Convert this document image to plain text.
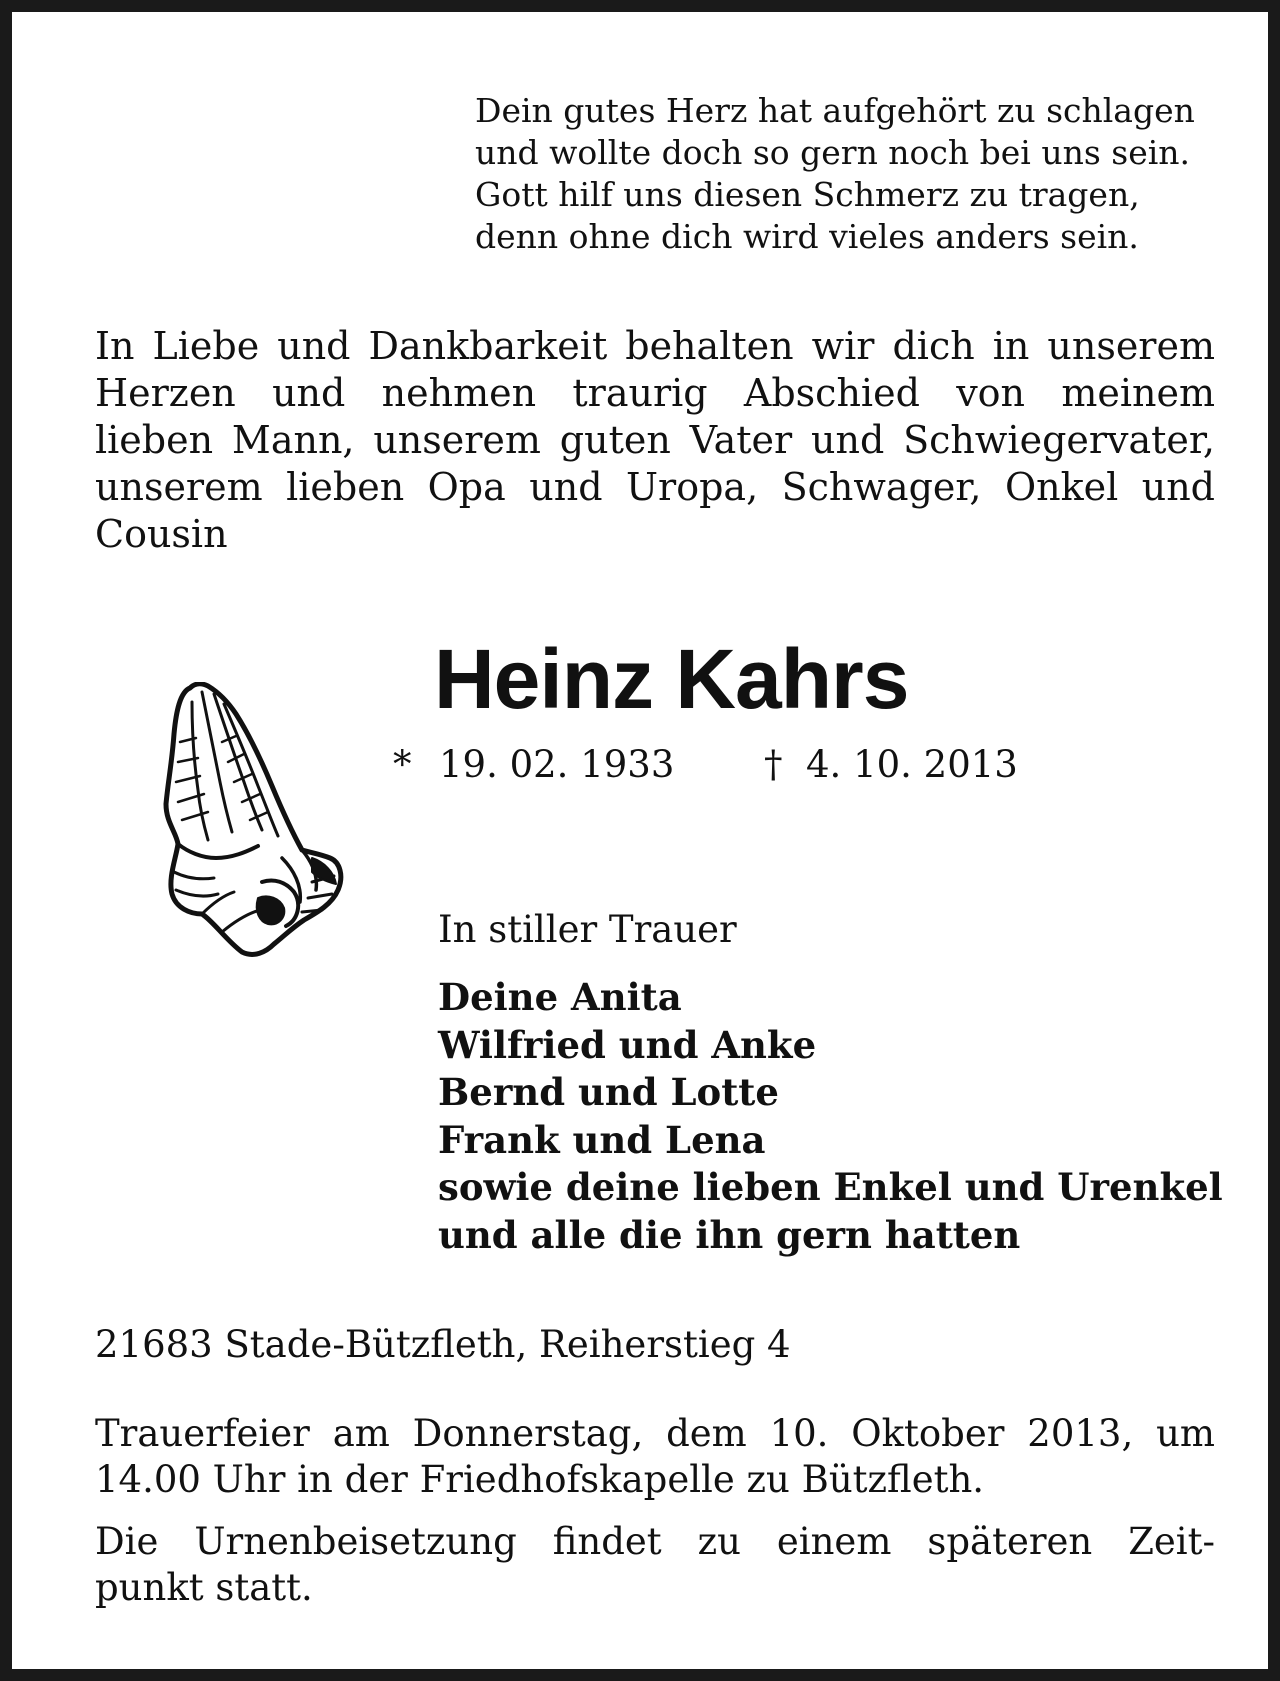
Dein gutes Herz hat aufgehört zu schlagen
und wollte doch so gern noch bei uns sein.
Gott hilf uns diesen Schmerz zu tragen,
denn ohne dich wird vieles anders sein.
In Liebe und Dankbarkeit behalten wir dich in unserem
Herzen und nehmen traurig Abschied von meinem
lieben Mann, unserem guten Vater und Schwiegervater,
unserem lieben Opa und Uropa, Schwager, Onkel und
Cousin
Heinz Kahrs
* 19. 02. 1933 † 4. 10. 2013
In stiller Trauer
Deine Anita
Wilfried und Anke
Bernd und Lotte
Frank und Lena
sowie deine lieben Enkel und Urenkel
und alle die ihn gern hatten
21683 Stade-Bützfleth, Reiherstieg 4
Trauerfeier am Donnerstag, dem 10. Oktober 2013, um
14.00 Uhr in der Friedhofskapelle zu Bützfleth.
Die Urnenbeisetzung findet zu einem späteren Zeit-
punkt statt.
